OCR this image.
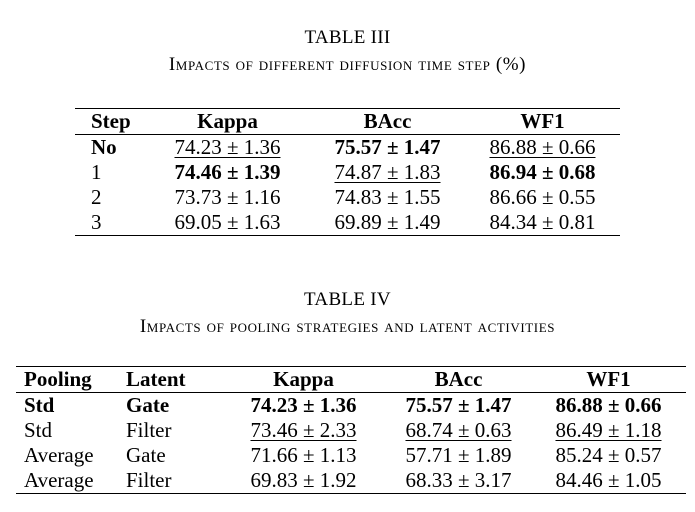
TABLE III
Impacts of different diffusion time step (%)
Step	Kappa	BAcc	WF1
No	74.23 ± 1.36	75.57 ± 1.47	86.88 ± 0.66
1	74.46 ± 1.39	74.87 ± 1.83	86.94 ± 0.68
2	73.73 ± 1.16	74.83 ± 1.55	86.66 ± 0.55
3	69.05 ± 1.63	69.89 ± 1.49	84.34 ± 0.81
TABLE IV
Impacts of pooling strategies and latent activities
Pooling	Latent	Kappa	BAcc	WF1
Std	Gate	74.23 ± 1.36	75.57 ± 1.47	86.88 ± 0.66
Std	Filter	73.46 ± 2.33	68.74 ± 0.63	86.49 ± 1.18
Average	Gate	71.66 ± 1.13	57.71 ± 1.89	85.24 ± 0.57
Average	Filter	69.83 ± 1.92	68.33 ± 3.17	84.46 ± 1.05
